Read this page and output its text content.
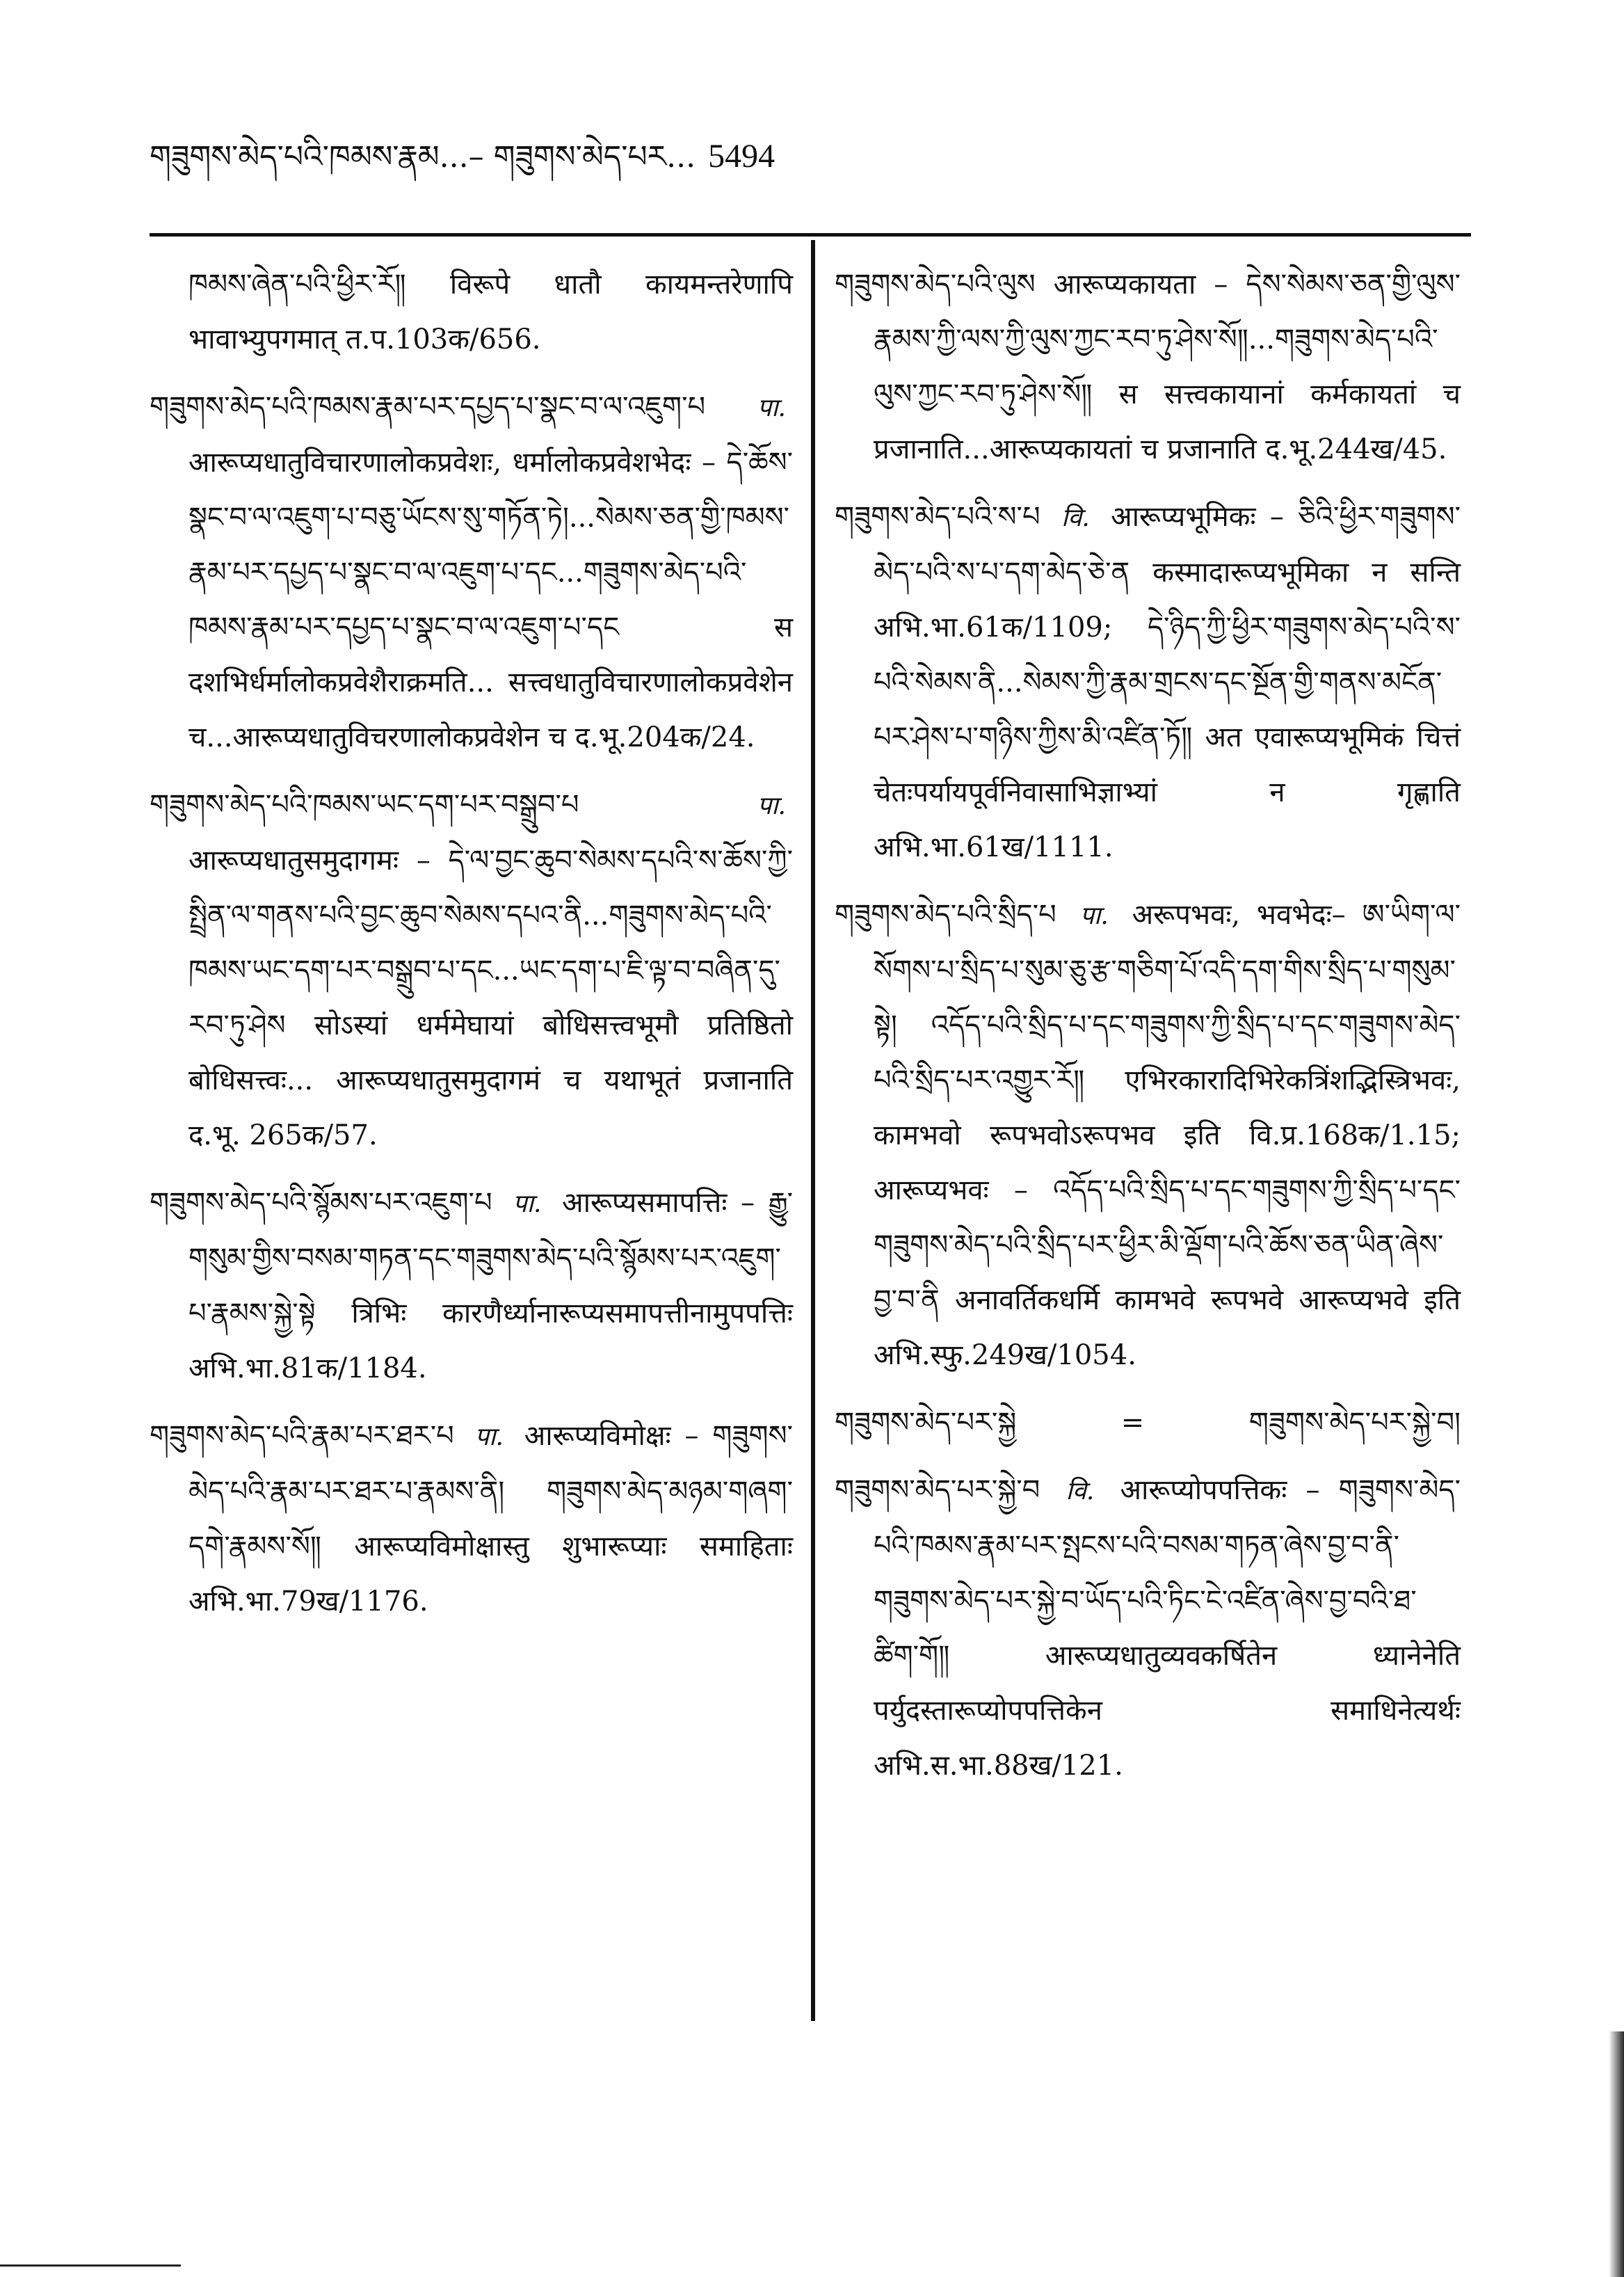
གཟུགས་མེད་པའི་ཁམས་རྣམ...– གཟུགས་མེད་པར... 5494

ཁམས་ཞེན་པའི་ཕྱིར་རོ༎ विरूपे धातौ कायमन्तरेणापि भावाभ्युपगमात् त.प.103क/656.

གཟུགས་མེད་པའི་ཁམས་རྣམ་པར་དཔྱད་པ་སྣང་བ་ལ་འཇུག་པ पा. आरूप्यधातुविचारणालोकप्रवेशः, धर्मालोकप्रवेशभेदः – དེ་ཆོས་སྣང་བ་ལ་འཇུག་པ་བཅུ་ཡོངས་སུ་གཏོན་ཏེ།...སེམས་ཅན་གྱི་ཁམས་རྣམ་པར་དཔྱད་པ་སྣང་བ་ལ་འཇུག་པ་དང...གཟུགས་མེད་པའི་ཁམས་རྣམ་པར་དཔྱད་པ་སྣང་བ་ལ་འཇུག་པ་དང स दशभिर्धर्मालोकप्रवेशैराक्रमति... सत्त्वधातुविचारणालोकप्रवेशेन च...आरूप्यधातुविचरणालोकप्रवेशेन च द.भू.204क/24.

གཟུགས་མེད་པའི་ཁམས་ཡང་དག་པར་བསྒྲུབ་པ	पा. आरूप्यधातुसमुदागमः – དེ་ལ་བྱང་ཆུབ་སེམས་དཔའི་ས་ཆོས་ཀྱི་སྤྲིན་ལ་གནས་པའི་བྱང་ཆུབ་སེམས་དཔའ་ནི...གཟུགས་མེད་པའི་ཁམས་ཡང་དག་པར་བསྒྲུབ་པ་དང...ཡང་དག་པ་ཇི་ལྟ་བ་བཞིན་དུ་རབ་ཏུ་ཤེས सोऽस्यां धर्ममेघायां बोधिसत्त्वभूमौ प्रतिष्ठितो बोधिसत्त्वः... आरूप्यधातुसमुदागमं च यथाभूतं प्रजानाति द.भू. 265क/57.

གཟུགས་མེད་པའི་སྙོམས་པར་འཇུག་པ पा. आरूप्यसमापत्तिः – རྒྱུ་གསུམ་གྱིས་བསམ་གཏན་དང་གཟུགས་མེད་པའི་སྙོམས་པར་འཇུག་པ་རྣམས་སྐྱེ་སྟེ त्रिभिः कारणैर्ध्यानारूप्यसमापत्तीनामुपपत्तिः अभि.भा.81क/1184.

གཟུགས་མེད་པའི་རྣམ་པར་ཐར་པ पा. आरूप्यविमोक्षः – གཟུགས་མེད་པའི་རྣམ་པར་ཐར་པ་རྣམས་ནི། གཟུགས་མེད་མཉམ་གཞག་དགེ་རྣམས་སོ༎ आरूप्यविमोक्षास्तु शुभारूप्याः समाहिताः अभि.भा.79ख/1176.

གཟུགས་མེད་པའི་ལུས आरूप्यकायता – དེས་སེམས་ཅན་གྱི་ལུས་རྣམས་ཀྱི་ལས་ཀྱི་ལུས་ཀྱང་རབ་ཏུ་ཤེས་སོ༎...གཟུགས་མེད་པའི་ལུས་ཀྱང་རབ་ཏུ་ཤེས་སོ༎ स सत्त्वकायानां कर्मकायतां च प्रजानाति...आरूप्यकायतां च प्रजानाति द.भू.244ख/45.

གཟུགས་མེད་པའི་ས་པ वि. आरूप्यभूमिकः – ཅིའི་ཕྱིར་གཟུགས་མེད་པའི་ས་པ་དག་མེད་ཅེ་ན कस्मादारूप्यभूमिका न सन्ति अभि.भा.61क/1109; དེ་ཉིད་ཀྱི་ཕྱིར་གཟུགས་མེད་པའི་ས་པའི་སེམས་ནི...སེམས་ཀྱི་རྣམ་གྲངས་དང་སྔོན་གྱི་གནས་མངོན་པར་ཤེས་པ་གཉིས་ཀྱིས་མི་འཛིན་ཏོ༎ अत एवारूप्यभूमिकं चित्तं चेतःपर्यायपूर्वनिवासाभिज्ञाभ्यां न गृह्णाति अभि.भा.61ख/1111.

གཟུགས་མེད་པའི་སྲིད་པ पा. अरूपभवः, भवभेदः– ཨ་ཡིག་ལ་སོགས་པ་སྲིད་པ་སུམ་ཅུ་རྩ་གཅིག་པོ་འདི་དག་གིས་སྲིད་པ་གསུམ་སྟེ། འདོད་པའི་སྲིད་པ་དང་གཟུགས་ཀྱི་སྲིད་པ་དང་གཟུགས་མེད་པའི་སྲིད་པར་འགྱུར་རོ༎ एभिरकारादिभिरेकत्रिंशद्भिस्त्रिभवः, कामभवो रूपभवोऽरूपभव इति वि.प्र.168क/1.15; आरूप्यभवः – འདོད་པའི་སྲིད་པ་དང་གཟུགས་ཀྱི་སྲིད་པ་དང་གཟུགས་མེད་པའི་སྲིད་པར་ཕྱིར་མི་ལྡོག་པའི་ཆོས་ཅན་ཡིན་ཞེས་བྱ་བ་ནི अनावर्तिकधर्मि कामभवे रूपभवे आरूप्यभवे इति अभि.स्फु.249ख/1054.

གཟུགས་མེད་པར་སྐྱེ	=	གཟུགས་མེད་པར་སྐྱེ་བ།

གཟུགས་མེད་པར་སྐྱེ་བ वि. आरूप्योपपत्तिकः – གཟུགས་མེད་པའི་ཁམས་རྣམ་པར་སྤངས་པའི་བསམ་གཏན་ཞེས་བྱ་བ་ནི་གཟུགས་མེད་པར་སྐྱེ་བ་ཡོད་པའི་ཏིང་ངེ་འཛིན་ཞེས་བྱ་བའི་ཐ་ཚིག་གོ༎ आरूप्यधातुव्यवकर्षितेन ध्यानेनेति पर्युदस्तारूप्योपपत्तिकेन समाधिनेत्यर्थः अभि.स.भा.88ख/121.
